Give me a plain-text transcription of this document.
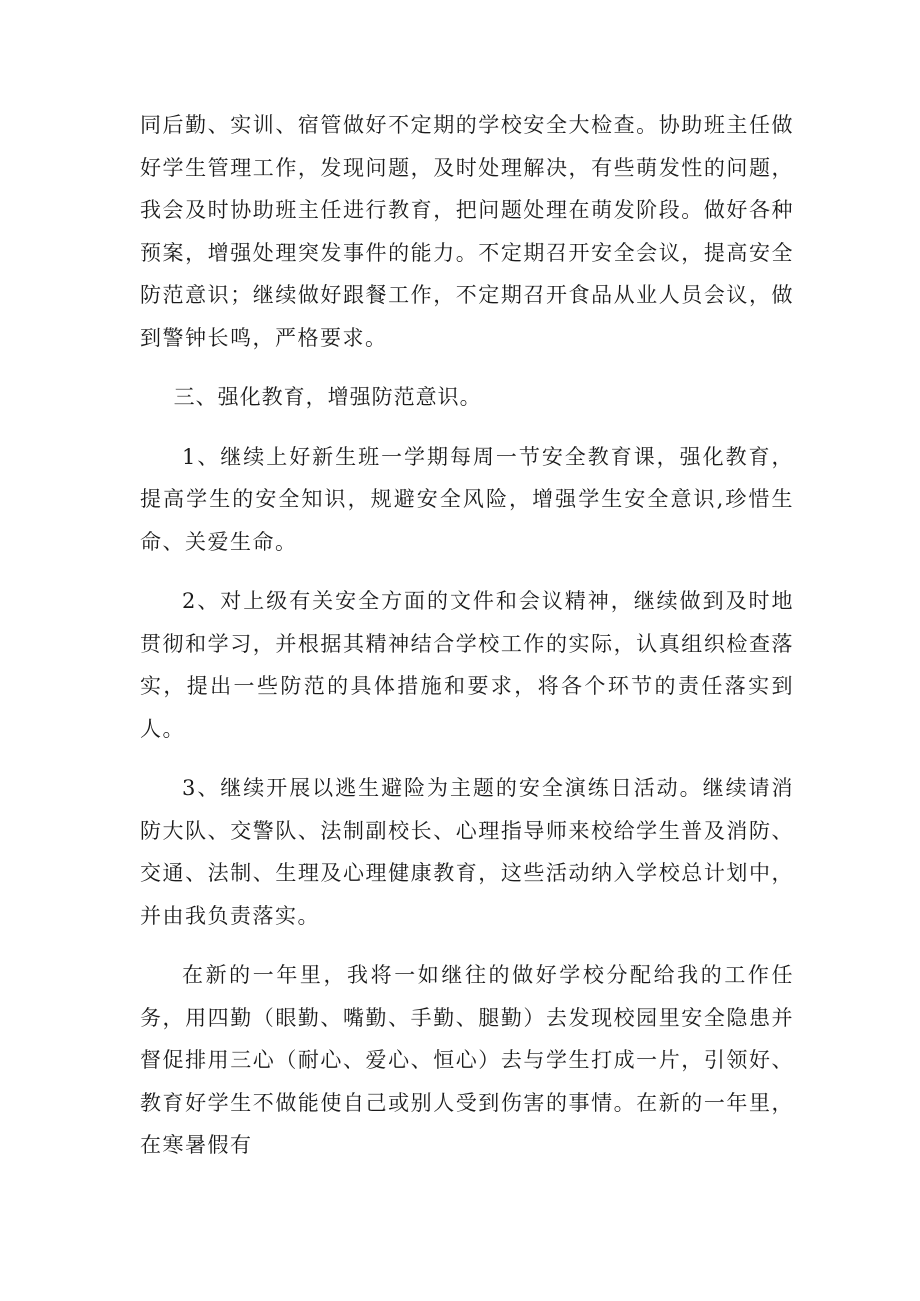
同后勤、实训、宿管做好不定期的学校安全大检查。协助班主任做好学生管理工作，发现问题，及时处理解决，有些萌发性的问题，我会及时协助班主任进行教育，把问题处理在萌发阶段。做好各种预案，增强处理突发事件的能力。不定期召开安全会议，提高安全防范意识；继续做好跟餐工作，不定期召开食品从业人员会议，做到警钟长鸣，严格要求。

三、强化教育，增强防范意识。

1、继续上好新生班一学期每周一节安全教育课，强化教育，提高学生的安全知识，规避安全风险，增强学生安全意识,珍惜生命、关爱生命。

2、对上级有关安全方面的文件和会议精神，继续做到及时地贯彻和学习，并根据其精神结合学校工作的实际，认真组织检查落实，提出一些防范的具体措施和要求，将各个环节的责任落实到人。

3、继续开展以逃生避险为主题的安全演练日活动。继续请消防大队、交警队、法制副校长、心理指导师来校给学生普及消防、交通、法制、生理及心理健康教育，这些活动纳入学校总计划中，并由我负责落实。

在新的一年里，我将一如继往的做好学校分配给我的工作任务，用四勤（眼勤、嘴勤、手勤、腿勤）去发现校园里安全隐患并督促排用三心（耐心、爱心、恒心）去与学生打成一片，引领好、教育好学生不做能使自己或别人受到伤害的事情。在新的一年里，在寒暑假有
